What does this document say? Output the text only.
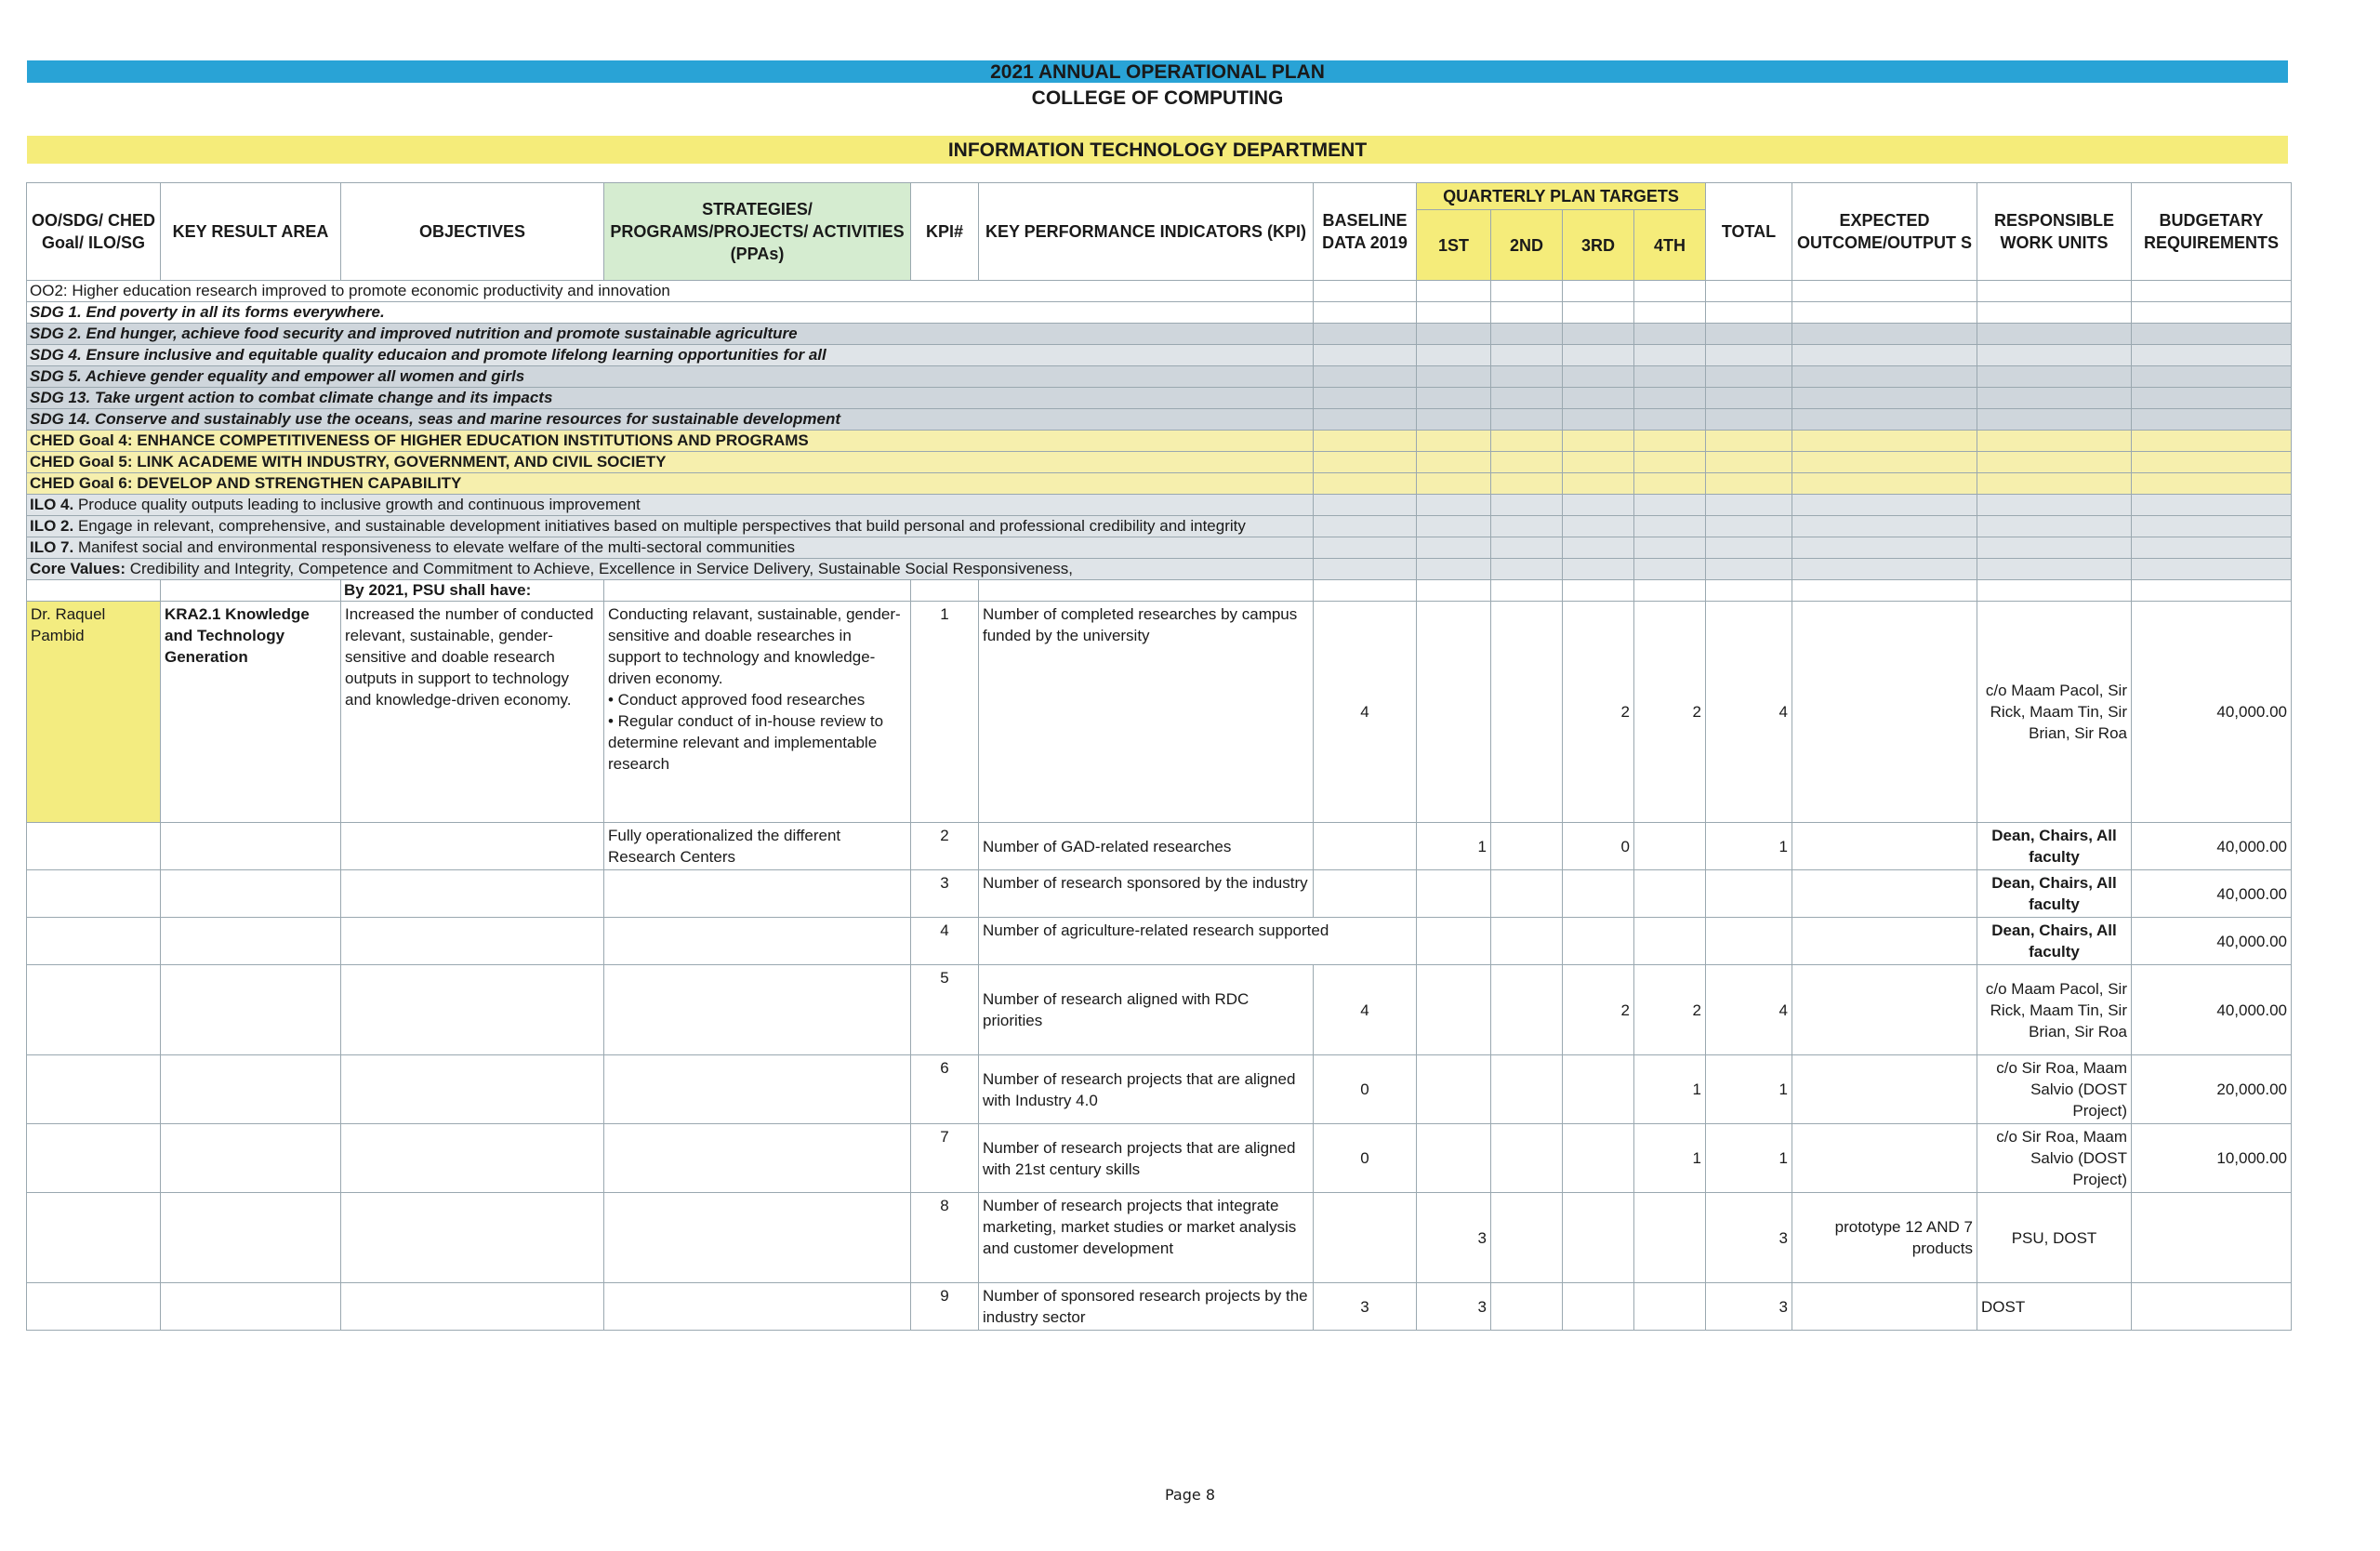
2021 ANNUAL OPERATIONAL PLAN
COLLEGE OF COMPUTING
INFORMATION TECHNOLOGY DEPARTMENT
OO/SDG/ CHED Goal/ ILO/SG	KEY RESULT AREA	OBJECTIVES	STRATEGIES/ PROGRAMS/PROJECTS/ ACTIVITIES (PPAs)	KPI#	KEY PERFORMANCE INDICATORS (KPI)	BASELINE DATA 2019	QUARTERLY PLAN TARGETS				TOTAL	EXPECTED OUTCOME/OUTPUT S	RESPONSIBLE WORK UNITS	BUDGETARY REQUIREMENTS
							1ST	2ND	3RD	4TH				
OO2: Higher education research improved to promote economic productivity and innovation														
SDG 1. End poverty in all its forms everywhere.														
SDG 2. End hunger, achieve food security and improved nutrition and promote sustainable agriculture														
SDG 4. Ensure inclusive and equitable quality educaion and promote lifelong learning opportunities for all														
SDG 5. Achieve gender equality and empower all women and girls														
SDG 13. Take urgent action to combat climate change and its impacts														
SDG 14. Conserve and sustainably use the oceans, seas and marine resources for sustainable development														
CHED Goal 4: ENHANCE COMPETITIVENESS OF HIGHER EDUCATION INSTITUTIONS AND PROGRAMS														
CHED Goal 5: LINK ACADEME WITH INDUSTRY, GOVERNMENT, AND CIVIL SOCIETY														
CHED Goal 6: DEVELOP AND STRENGTHEN CAPABILITY														
ILO 4. Produce quality outputs leading to inclusive growth and continuous improvement														
ILO 2. Engage in relevant, comprehensive, and sustainable development initiatives based on multiple perspectives that build personal and professional credibility and integrity														
ILO 7. Manifest social and environmental responsiveness to elevate welfare of the multi-sectoral communities														
Core Values: Credibility and Integrity, Competence and Commitment to Achieve, Excellence in Service Delivery, Sustainable Social Responsiveness,														
		By 2021, PSU shall have:												
Dr. Raquel Pambid	KRA2.1 Knowledge and Technology Generation	Increased the number of conducted relevant, sustainable, gender-sensitive and doable research outputs in support to technology and knowledge-driven economy.	Conducting relavant, sustainable, gender-sensitive and doable researches in support to technology and knowledge-driven economy.
• Conduct approved food researches
• Regular conduct of in-house review to determine relevant and implementable research	1	Number of completed researches by campus funded by the university	4			2	2	4		c/o Maam Pacol, Sir Rick, Maam Tin, Sir Brian, Sir Roa	40,000.00
			Fully operationalized the different Research Centers	2	Number of GAD-related researches		1		0		1		Dean, Chairs, All faculty	40,000.00
				3	Number of research sponsored by the industry								Dean, Chairs, All faculty	40,000.00
				4	Number of agriculture-related research supported								Dean, Chairs, All faculty	40,000.00
				5	Number of research aligned with RDC priorities	4			2	2	4		c/o Maam Pacol, Sir Rick, Maam Tin, Sir Brian, Sir Roa	40,000.00
				6	Number of research projects that are aligned with Industry 4.0	0				1	1		c/o Sir Roa, Maam Salvio (DOST Project)	20,000.00
				7	Number of research projects that are aligned with 21st century skills	0				1	1		c/o Sir Roa, Maam Salvio (DOST Project)	10,000.00
				8	Number of research projects that integrate marketing, market studies or market analysis and customer development		3				3	prototype 12 AND 7 products	PSU, DOST	
				9	Number of sponsored research projects by the industry sector	3	3				3		DOST	
Page 8
